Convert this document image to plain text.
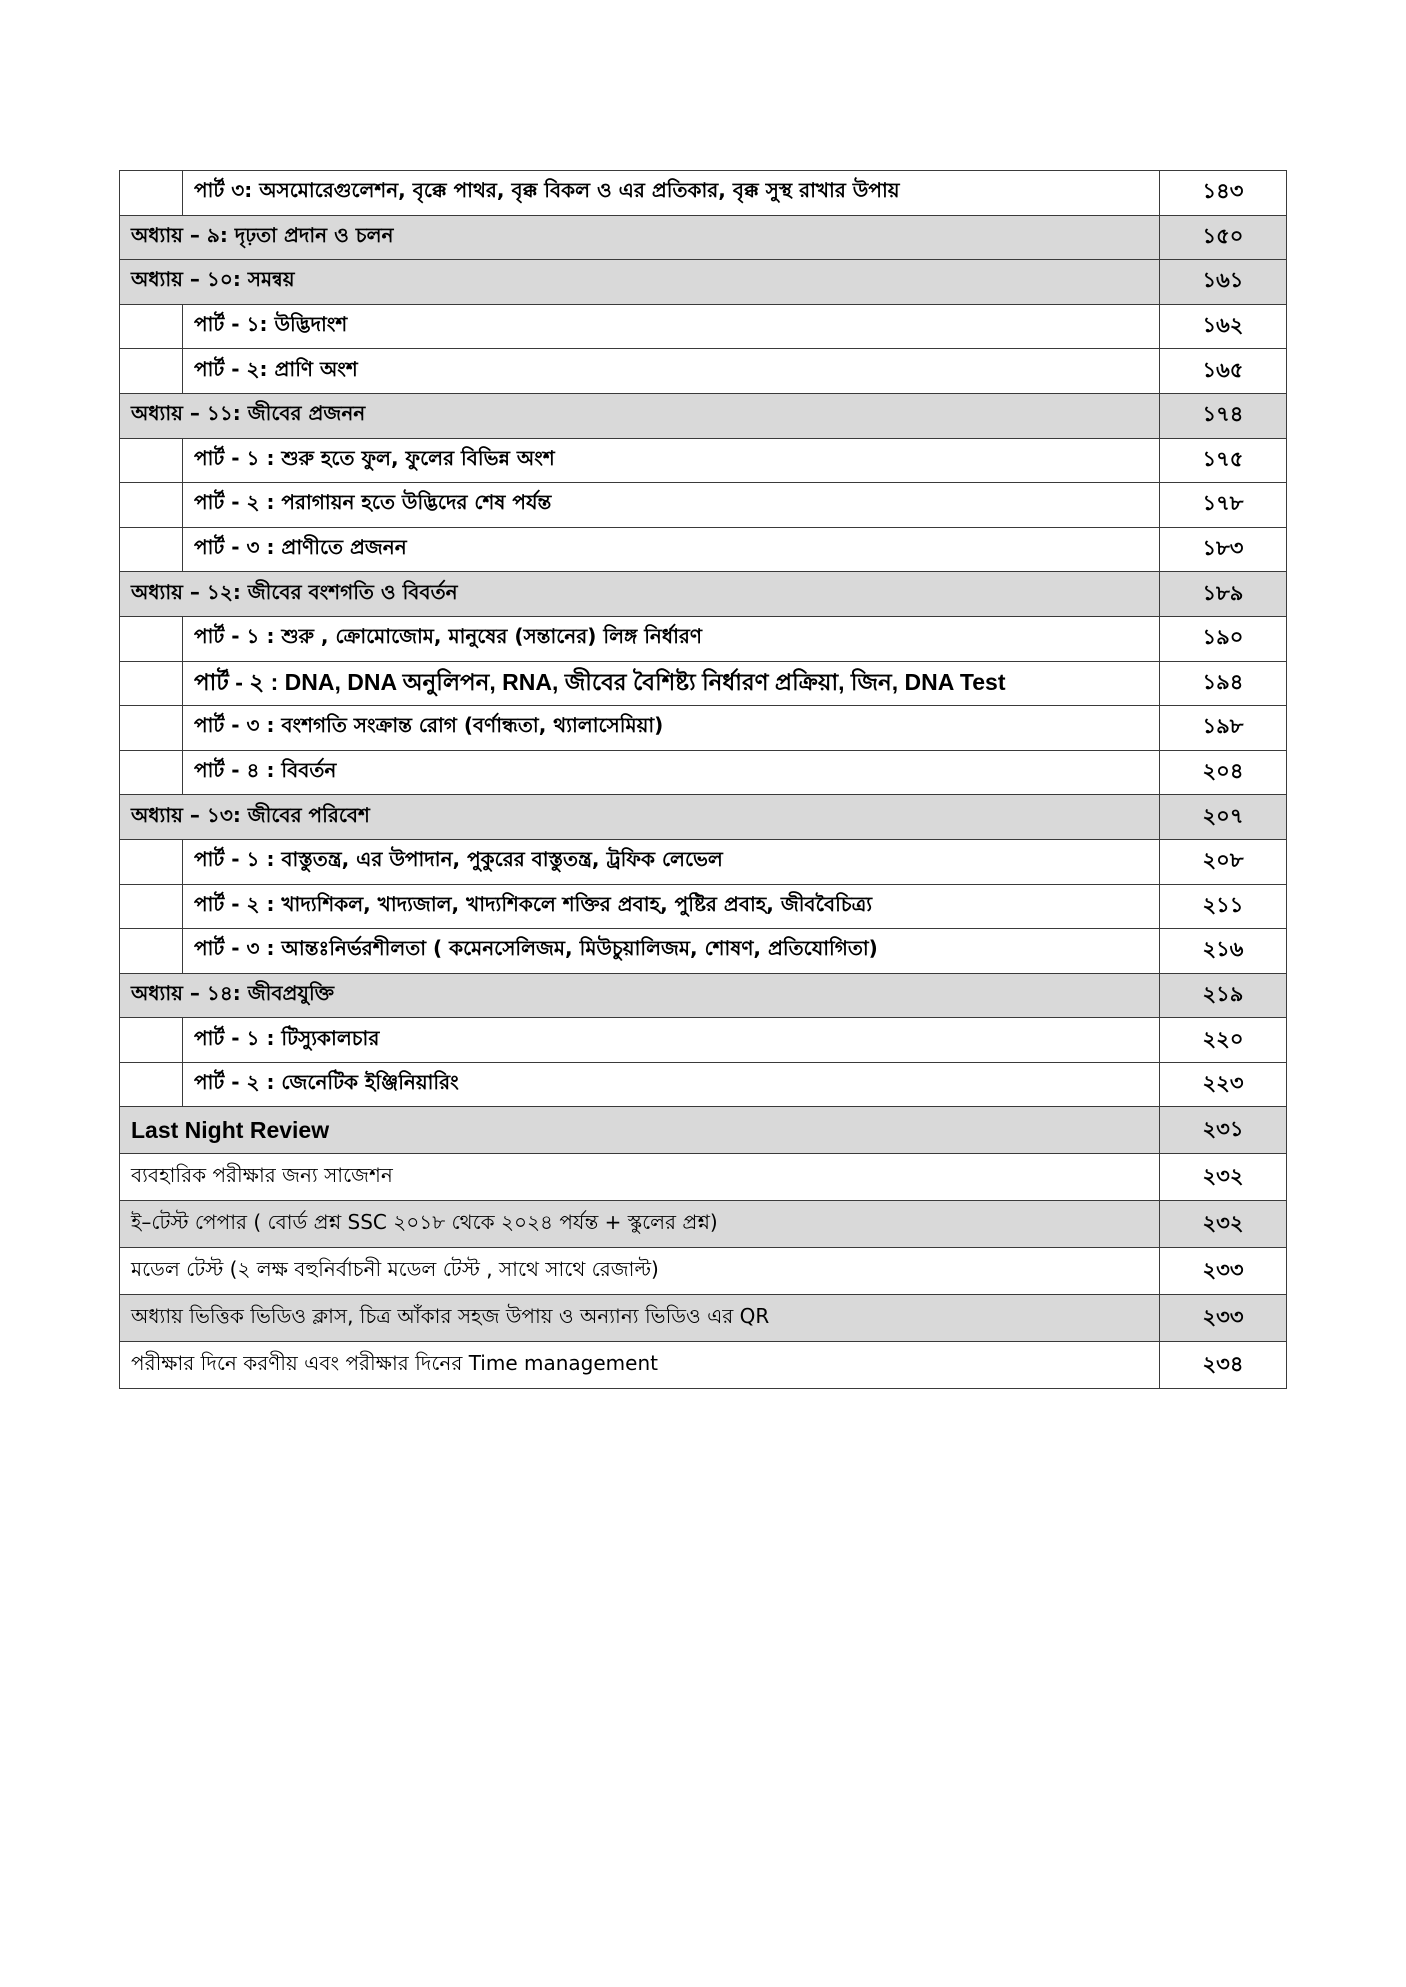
	পার্ট ৩: অসমোরেগুলেশন, বৃক্কে পাথর, বৃক্ক বিকল ও এর প্রতিকার, বৃক্ক সুস্থ রাখার উপায়	১৪৩
অধ্যায় – ৯: দৃঢ়তা প্রদান ও চলন		১৫০
অধ্যায় – ১০: সমন্বয়		১৬১
	পার্ট - ১: উদ্ভিদাংশ	১৬২
	পার্ট - ২: প্রাণি অংশ	১৬৫
অধ্যায় – ১১: জীবের প্রজনন		১৭৪
	পার্ট - ১ : শুরু হতে ফুল, ফুলের বিভিন্ন অংশ	১৭৫
	পার্ট - ২ : পরাগায়ন হতে উদ্ভিদের শেষ পর্যন্ত	১৭৮
	পার্ট - ৩ : প্রাণীতে প্রজনন	১৮৩
অধ্যায় – ১২: জীবের বংশগতি ও বিবর্তন		১৮৯
	পার্ট - ১ : শুরু , ক্রোমোজোম, মানুষের (সন্তানের) লিঙ্গ নির্ধারণ	১৯০
	পার্ট - ২ : DNA, DNA অনুলিপন, RNA, জীবের বৈশিষ্ট্য নির্ধারণ প্রক্রিয়া, জিন, DNA Test	১৯৪
	পার্ট - ৩ : বংশগতি সংক্রান্ত রোগ (বর্ণান্ধতা, থ্যালাসেমিয়া)	১৯৮
	পার্ট - ৪ : বিবর্তন	২০৪
অধ্যায় – ১৩: জীবের পরিবেশ		২০৭
	পার্ট - ১ : বাস্তুতন্ত্র, এর উপাদান, পুকুরের বাস্তুতন্ত্র, ট্রফিক লেভেল	২০৮
	পার্ট - ২ : খাদ্যশিকল, খাদ্যজাল, খাদ্যশিকলে শক্তির প্রবাহ, পুষ্টির প্রবাহ, জীববৈচিত্র্য	২১১
	পার্ট - ৩ : আন্তঃনির্ভরশীলতা ( কমেনসেলিজম, মিউচুয়ালিজম, শোষণ, প্রতিযোগিতা)	২১৬
অধ্যায় – ১৪: জীবপ্রযুক্তি		২১৯
	পার্ট - ১ : টিস্যুকালচার	২২০
	পার্ট - ২ : জেনেটিক ইঞ্জিনিয়ারিং	২২৩
Last Night Review		২৩১
ব্যবহারিক পরীক্ষার জন্য সাজেশন		২৩২
ই–টেস্ট পেপার ( বোর্ড প্রশ্ন SSC ২০১৮ থেকে ২০২৪ পর্যন্ত + স্কুলের প্রশ্ন)		২৩২
মডেল টেস্ট (২ লক্ষ বহুনির্বাচনী মডেল টেস্ট , সাথে সাথে রেজাল্ট)		২৩৩
অধ্যায় ভিত্তিক ভিডিও ক্লাস, চিত্র আঁকার সহজ উপায় ও অন্যান্য ভিডিও এর QR		২৩৩
পরীক্ষার দিনে করণীয় এবং পরীক্ষার দিনের Time management		২৩৪
